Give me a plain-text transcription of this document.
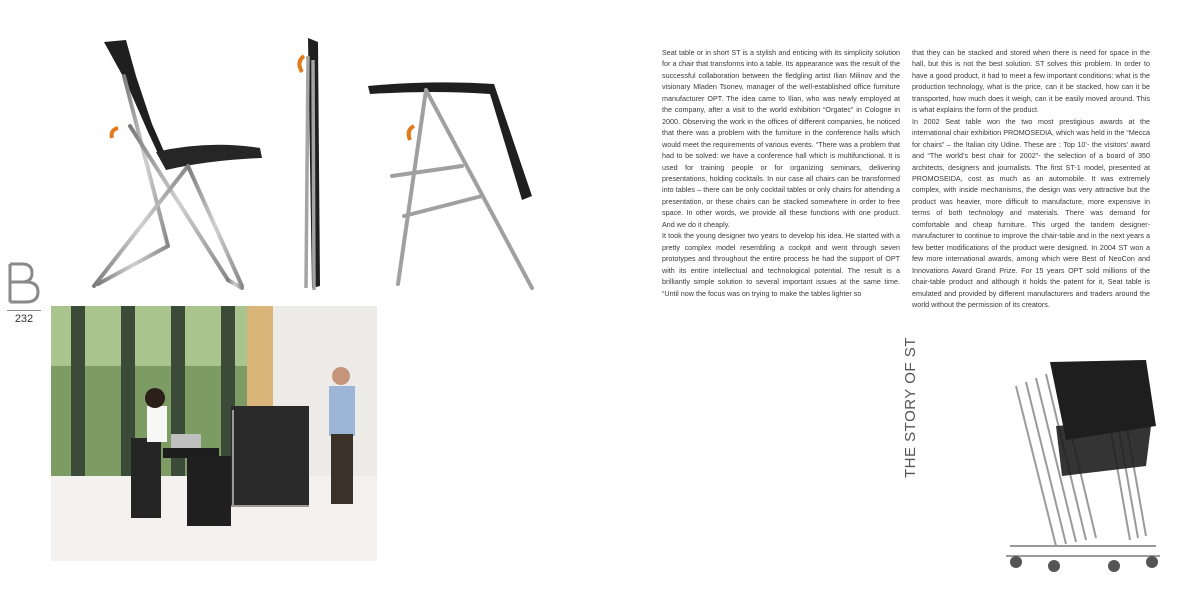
232

Seat table or in short ST is a stylish and enticing with its simplicity solution for a chair that transforms into a table. Its appearance was the result of the successful collaboration between the fledgling artist Ilian Milinov and the visionary Mladen Tsonev, manager of the well-established office furniture manufacturer OPT. The idea came to Ilian, who was newly employed at the company, after a visit to the world exhibition “Orgatec” in Cologne in 2000. Observing the work in the offices of different companies, he noticed that there was a problem with the furniture in the conference halls which would meet the requirements of various events. “There was a problem that had to be solved: we have a conference hall which is multifunctional. It is used for training people or for organizing seminars, delivering presentations, holding cocktails. In our case all chairs can be transformed into tables – there can be only cocktail tables or only chairs for attending a presentation, or these chairs can be stacked somewhere in order to free space. In other words, we provide all these functions with one product. And we do it cheaply.

It took the young designer two years to develop his idea. He started with a pretty complex model resembling a cockpit and went through seven prototypes and throughout the entire process he had the support of OPT with its entire intellectual and technological potential. The result is a brilliantly simple solution to several important issues at the same time. “Until now the focus was on trying to make the tables lighter so

that they can be stacked and stored when there is need for space in the hall, but this is not the best solution. ST solves this problem. In order to have a good product, it had to meet a few important conditions: what is the production technology, what is the price, can it be stacked, how can it be transported, how much does it weigh, can it be easily moved around. This is what explains the form of the product.

In 2002 Seat table won the two most prestigious awards at the international chair exhibition PROMOSEDIA, which was held in the “Mecca for chairs” – the Italian city Udine. These are : Top 10’- the visitors’ award and “The world’s best chair for 2002”- the selection of a board of 350 architects, designers and journalists. The first ST-1 model, presented at PROMOSEIDA, cost as much as an automobile. It was extremely complex, with inside mechanisms, the design was very attractive but the product was heavier, more difficult to manufacture, more expensive in terms of both technology and materials. There was demand for comfortable and cheap furniture. This urged the tandem designer-manufacturer to continue to improve the chair-table and in the next years a few better modifications of the product were designed. In 2004 ST won a few more international awards, among which were Best of NeoCon and Innovations Award Grand Prize. For 15 years OPT sold millions of the chair-table product and although it holds the patent for it, Seat table is emulated and provided by different manufacturers and traders around the world without the permission of its creators.

THE STORY OF ST
